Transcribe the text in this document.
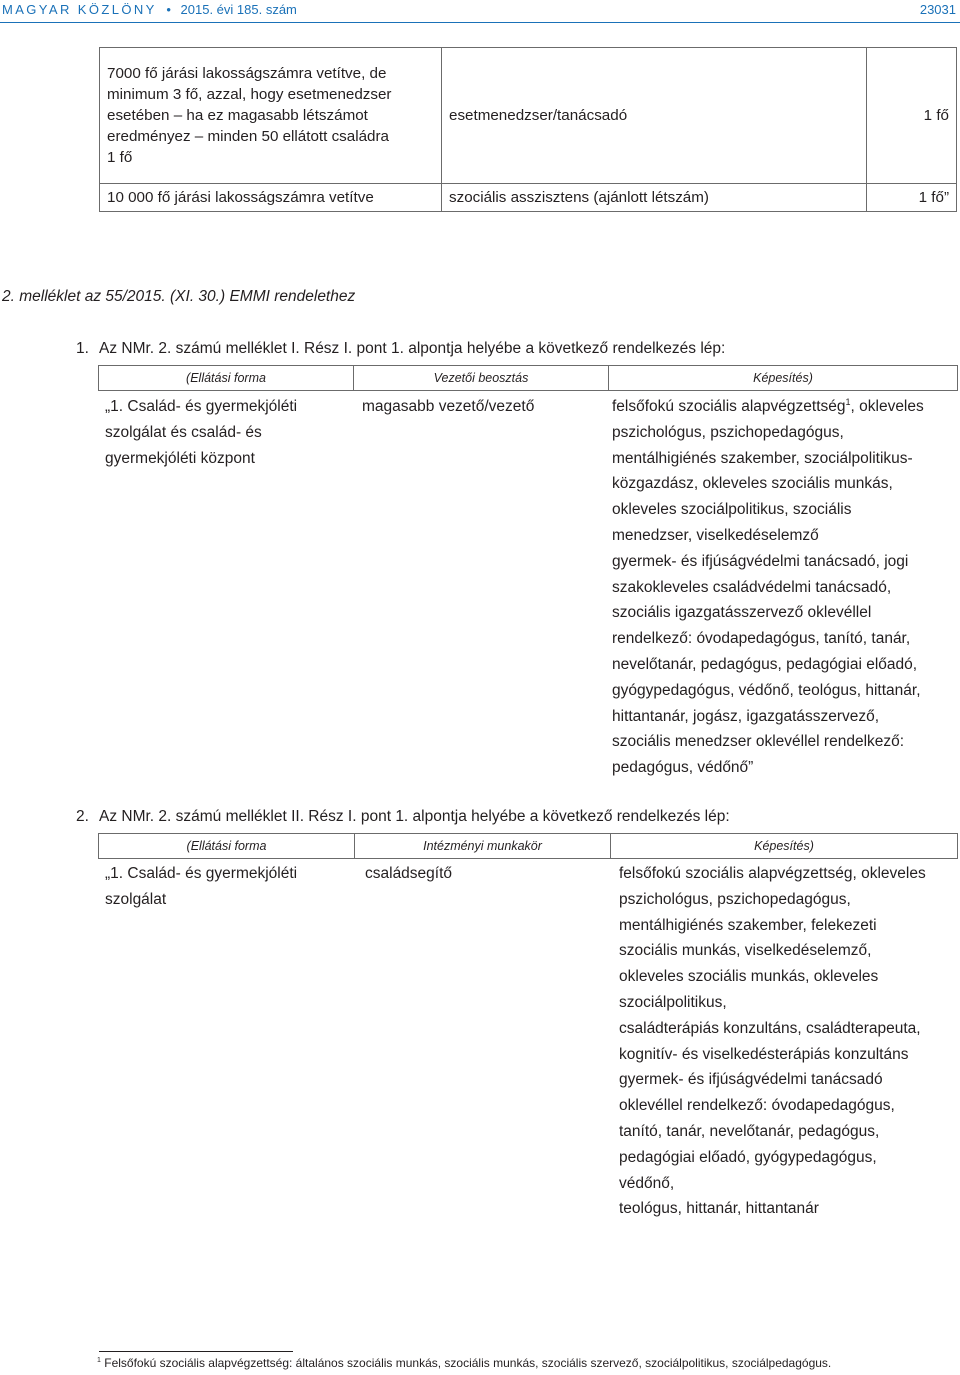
MAGYAR KÖZLÖNY • 2015. évi 185. szám	23031
7000 fő járási lakosságszámra vetítve, de
minimum 3 fő, azzal, hogy esetmenedzser
esetében – ha ez magasabb létszámot
eredményez – minden 50 ellátott családra
1 fő	esetmenedzser/tanácsadó	1 fő
10 000 fő járási lakosságszámra vetítve	szociális asszisztens (ajánlott létszám)	1 fő”
2. melléklet az 55/2015. (XI. 30.) EMMI rendelethez
1. Az NMr. 2. számú melléklet I. Rész I. pont 1. alpontja helyébe a következő rendelkezés lép:
(Ellátási forma	Vezetői beosztás	Képesítés)
„1. Család- és gyermekjóléti
szolgálat és család- és
gyermekjóléti központ
magasabb vezető/vezető	felsőfokú szociális alapvégzettség$^1$, okleveles
pszichológus, pszichopedagógus,
mentálhigiénés szakember, szociálpolitikus-
közgazdász, okleveles szociális munkás,
okleveles szociálpolitikus, szociális
menedzser, viselkedéselemző
gyermek- és ifjúságvédelmi tanácsadó, jogi
szakokleveles családvédelmi tanácsadó,
szociális igazgatásszervező oklevéllel
rendelkező: óvodapedagógus, tanító, tanár,
nevelőtanár, pedagógus, pedagógiai előadó,
gyógypedagógus, védőnő, teológus, hittanár,
hittantanár, jogász, igazgatásszervező,
szociális menedzser oklevéllel rendelkező:
pedagógus, védőnő”
2. Az NMr. 2. számú melléklet II. Rész I. pont 1. alpontja helyébe a következő rendelkezés lép:
(Ellátási forma	Intézményi munkakör	Képesítés)
„1. Család- és gyermekjóléti
szolgálat
családsegítő	felsőfokú szociális alapvégzettség, okleveles
pszichológus, pszichopedagógus,
mentálhigiénés szakember, felekezeti
szociális munkás, viselkedéselemző,
okleveles szociális munkás, okleveles
szociálpolitikus,
családterápiás konzultáns, családterapeuta,
kognitív- és viselkedésterápiás konzultáns
gyermek- és ifjúságvédelmi tanácsadó
oklevéllel rendelkező: óvodapedagógus,
tanító, tanár, nevelőtanár, pedagógus,
pedagógiai előadó, gyógypedagógus,
védőnő,
teológus, hittanár, hittantanár
$^1$ Felsőfokú szociális alapvégzettség: általános szociális munkás, szociális munkás, szociális szervező, szociálpolitikus, szociálpedagógus.
